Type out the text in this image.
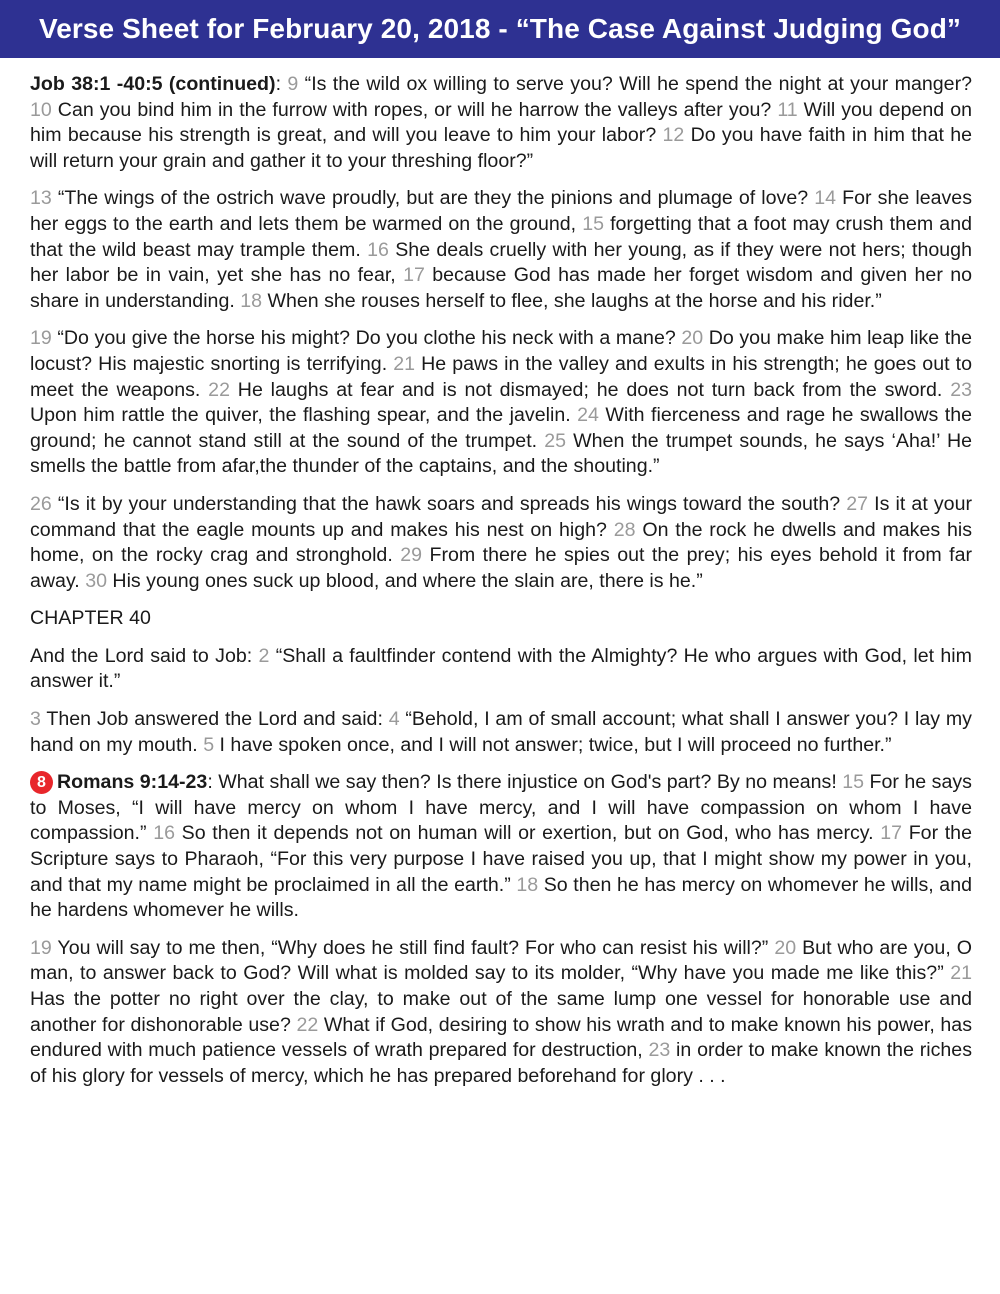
Verse Sheet for February 20, 2018 - “The Case Against Judging God”

Job 38:1 -40:5 (continued): 9 “Is the wild ox willing to serve you? Will he spend the night at your manger? 10 Can you bind him in the furrow with ropes, or will he harrow the valleys after you? 11 Will you depend on him because his strength is great, and will you leave to him your labor? 12 Do you have faith in him that he will return your grain and gather it to your threshing floor?”

13 “The wings of the ostrich wave proudly, but are they the pinions and plumage of love? 14 For she leaves her eggs to the earth and lets them be warmed on the ground, 15 forgetting that a foot may crush them and that the wild beast may trample them. 16 She deals cruelly with her young, as if they were not hers; though her labor be in vain, yet she has no fear, 17 because God has made her forget wisdom and given her no share in understanding. 18 When she rouses herself to flee, she laughs at the horse and his rider.”

19 “Do you give the horse his might? Do you clothe his neck with a mane? 20 Do you make him leap like the locust? His majestic snorting is terrifying. 21 He paws in the valley and exults in his strength; he goes out to meet the weapons. 22 He laughs at fear and is not dismayed; he does not turn back from the sword. 23 Upon him rattle the quiver, the flashing spear, and the javelin. 24 With fierceness and rage he swallows the ground; he cannot stand still at the sound of the trumpet. 25 When the trumpet sounds, he says ‘Aha!’ He smells the battle from afar,the thunder of the captains, and the shouting.”

26 “Is it by your understanding that the hawk soars and spreads his wings toward the south? 27 Is it at your command that the eagle mounts up and makes his nest on high? 28 On the rock he dwells and makes his home, on the rocky crag and stronghold. 29 From there he spies out the prey; his eyes behold it from far away. 30 His young ones suck up blood, and where the slain are, there is he.”

CHAPTER 40

And the Lord said to Job: 2 “Shall a faultfinder contend with the Almighty? He who argues with God, let him answer it.”

3 Then Job answered the Lord and said: 4 “Behold, I am of small account; what shall I answer you? I lay my hand on my mouth. 5 I have spoken once, and I will not answer; twice, but I will proceed no further.”

8 Romans 9:14-23: What shall we say then? Is there injustice on God's part? By no means! 15 For he says to Moses, “I will have mercy on whom I have mercy, and I will have compassion on whom I have compassion.” 16 So then it depends not on human will or exertion, but on God, who has mercy. 17 For the Scripture says to Pharaoh, “For this very purpose I have raised you up, that I might show my power in you, and that my name might be proclaimed in all the earth.” 18 So then he has mercy on whomever he wills, and he hardens whomever he wills.

19 You will say to me then, “Why does he still find fault? For who can resist his will?” 20 But who are you, O man, to answer back to God? Will what is molded say to its molder, “Why have you made me like this?” 21 Has the potter no right over the clay, to make out of the same lump one vessel for honorable use and another for dishonorable use? 22 What if God, desiring to show his wrath and to make known his power, has endured with much patience vessels of wrath prepared for destruction, 23 in order to make known the riches of his glory for vessels of mercy, which he has prepared beforehand for glory . . .
